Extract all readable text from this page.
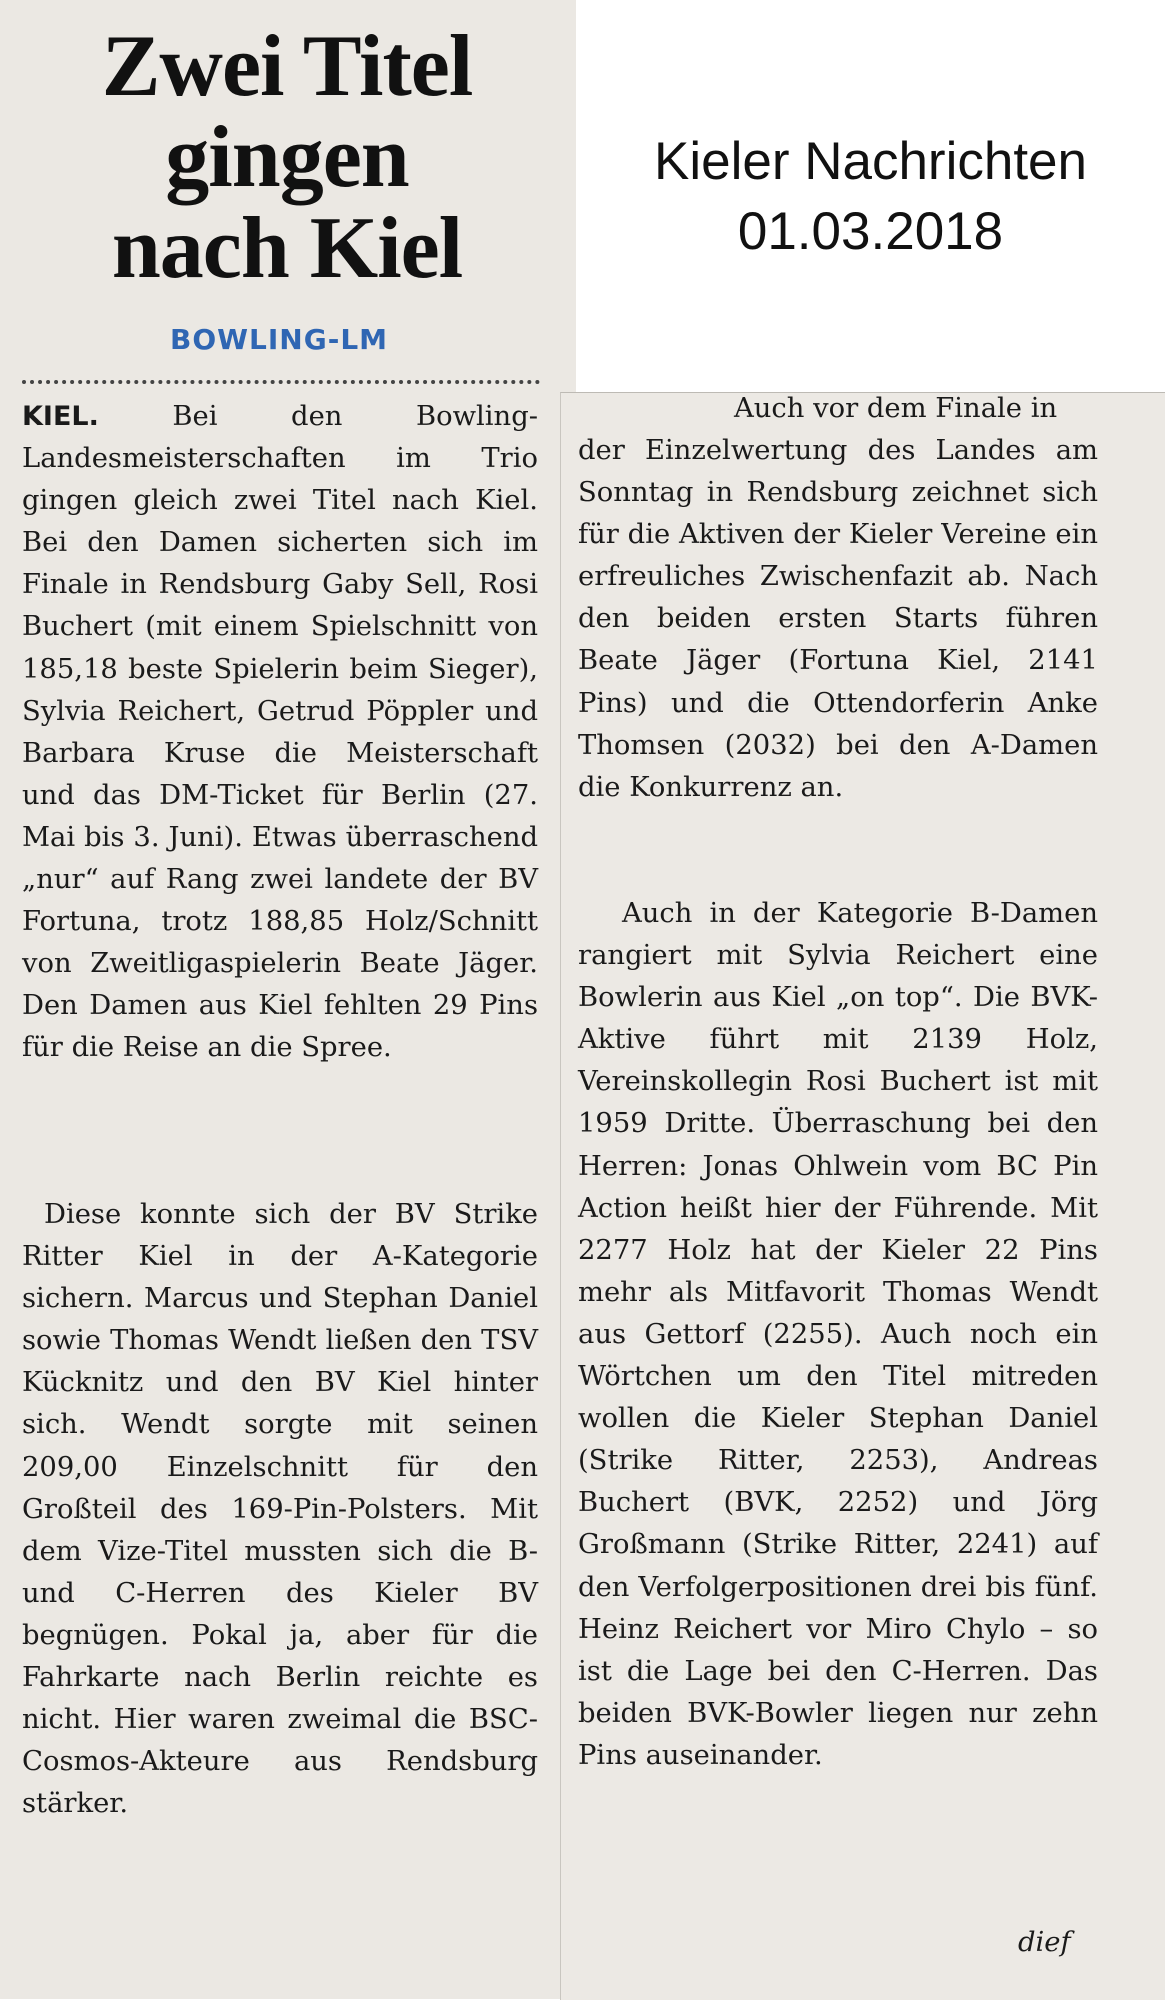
Kieler Nachrichten
01.03.2018
Zwei Titel
gingen
nach Kiel
BOWLING-LM

KIEL.	Bei den Bowling-Landesmeisterschaften im Trio gingen gleich zwei Titel nach Kiel. Bei den Damen sicherten sich im Finale in Rendsburg Gaby Sell, Rosi Buchert (mit einem Spielschnitt von 185,18 beste Spielerin beim Sieger), Sylvia Reichert, Getrud Pöppler und Barbara Kruse die Meisterschaft und das DM-Ticket für Berlin (27. Mai bis 3. Juni). Etwas überraschend „nur“ auf Rang zwei landete der BV Fortuna, trotz 188,85 Holz/Schnitt von Zweitligaspielerin Beate Jäger. Den Damen aus Kiel fehlten 29 Pins für die Reise an die Spree.

Diese konnte sich der BV Strike Ritter Kiel in der A-Kategorie sichern. Marcus und Stephan Daniel sowie Thomas Wendt ließen den TSV Kücknitz und den BV Kiel hinter sich. Wendt sorgte mit seinen 209,00 Einzelschnitt für den Großteil des 169-Pin-Polsters. Mit dem Vize-Titel mussten sich die B- und C-Herren des Kieler BV begnügen. Pokal ja, aber für die Fahrkarte nach Berlin reichte es nicht. Hier waren zweimal die BSC-Cosmos-Akteure aus Rendsburg stärker.

Auch vor dem Finale in

der Einzelwertung des Landes am Sonntag in Rendsburg zeichnet sich für die Aktiven der Kieler Vereine ein erfreuliches Zwischenfazit ab. Nach den beiden ersten Starts führen Beate Jäger (Fortuna Kiel, 2141 Pins) und die Ottendorferin Anke Thomsen (2032) bei den A-Damen die Konkurrenz an.

Auch in der Kategorie B-Damen rangiert mit Sylvia Reichert eine Bowlerin aus Kiel „on top“. Die BVK-Aktive führt mit 2139 Holz, Vereinskollegin Rosi Buchert ist mit 1959 Dritte. Überraschung bei den Herren: Jonas Ohlwein vom BC Pin Action heißt hier der Führende. Mit 2277 Holz hat der Kieler 22 Pins mehr als Mitfavorit Thomas Wendt aus Gettorf (2255). Auch noch ein Wörtchen um den Titel mitreden wollen die Kieler Stephan Daniel (Strike Ritter, 2253), Andreas Buchert (BVK, 2252) und Jörg Großmann (Strike Ritter, 2241) auf den Verfolgerpositionen drei bis fünf. Heinz Reichert vor Miro Chylo – so ist die Lage bei den C-Herren. Das beiden BVK-Bowler liegen nur zehn Pins auseinander.

dief
